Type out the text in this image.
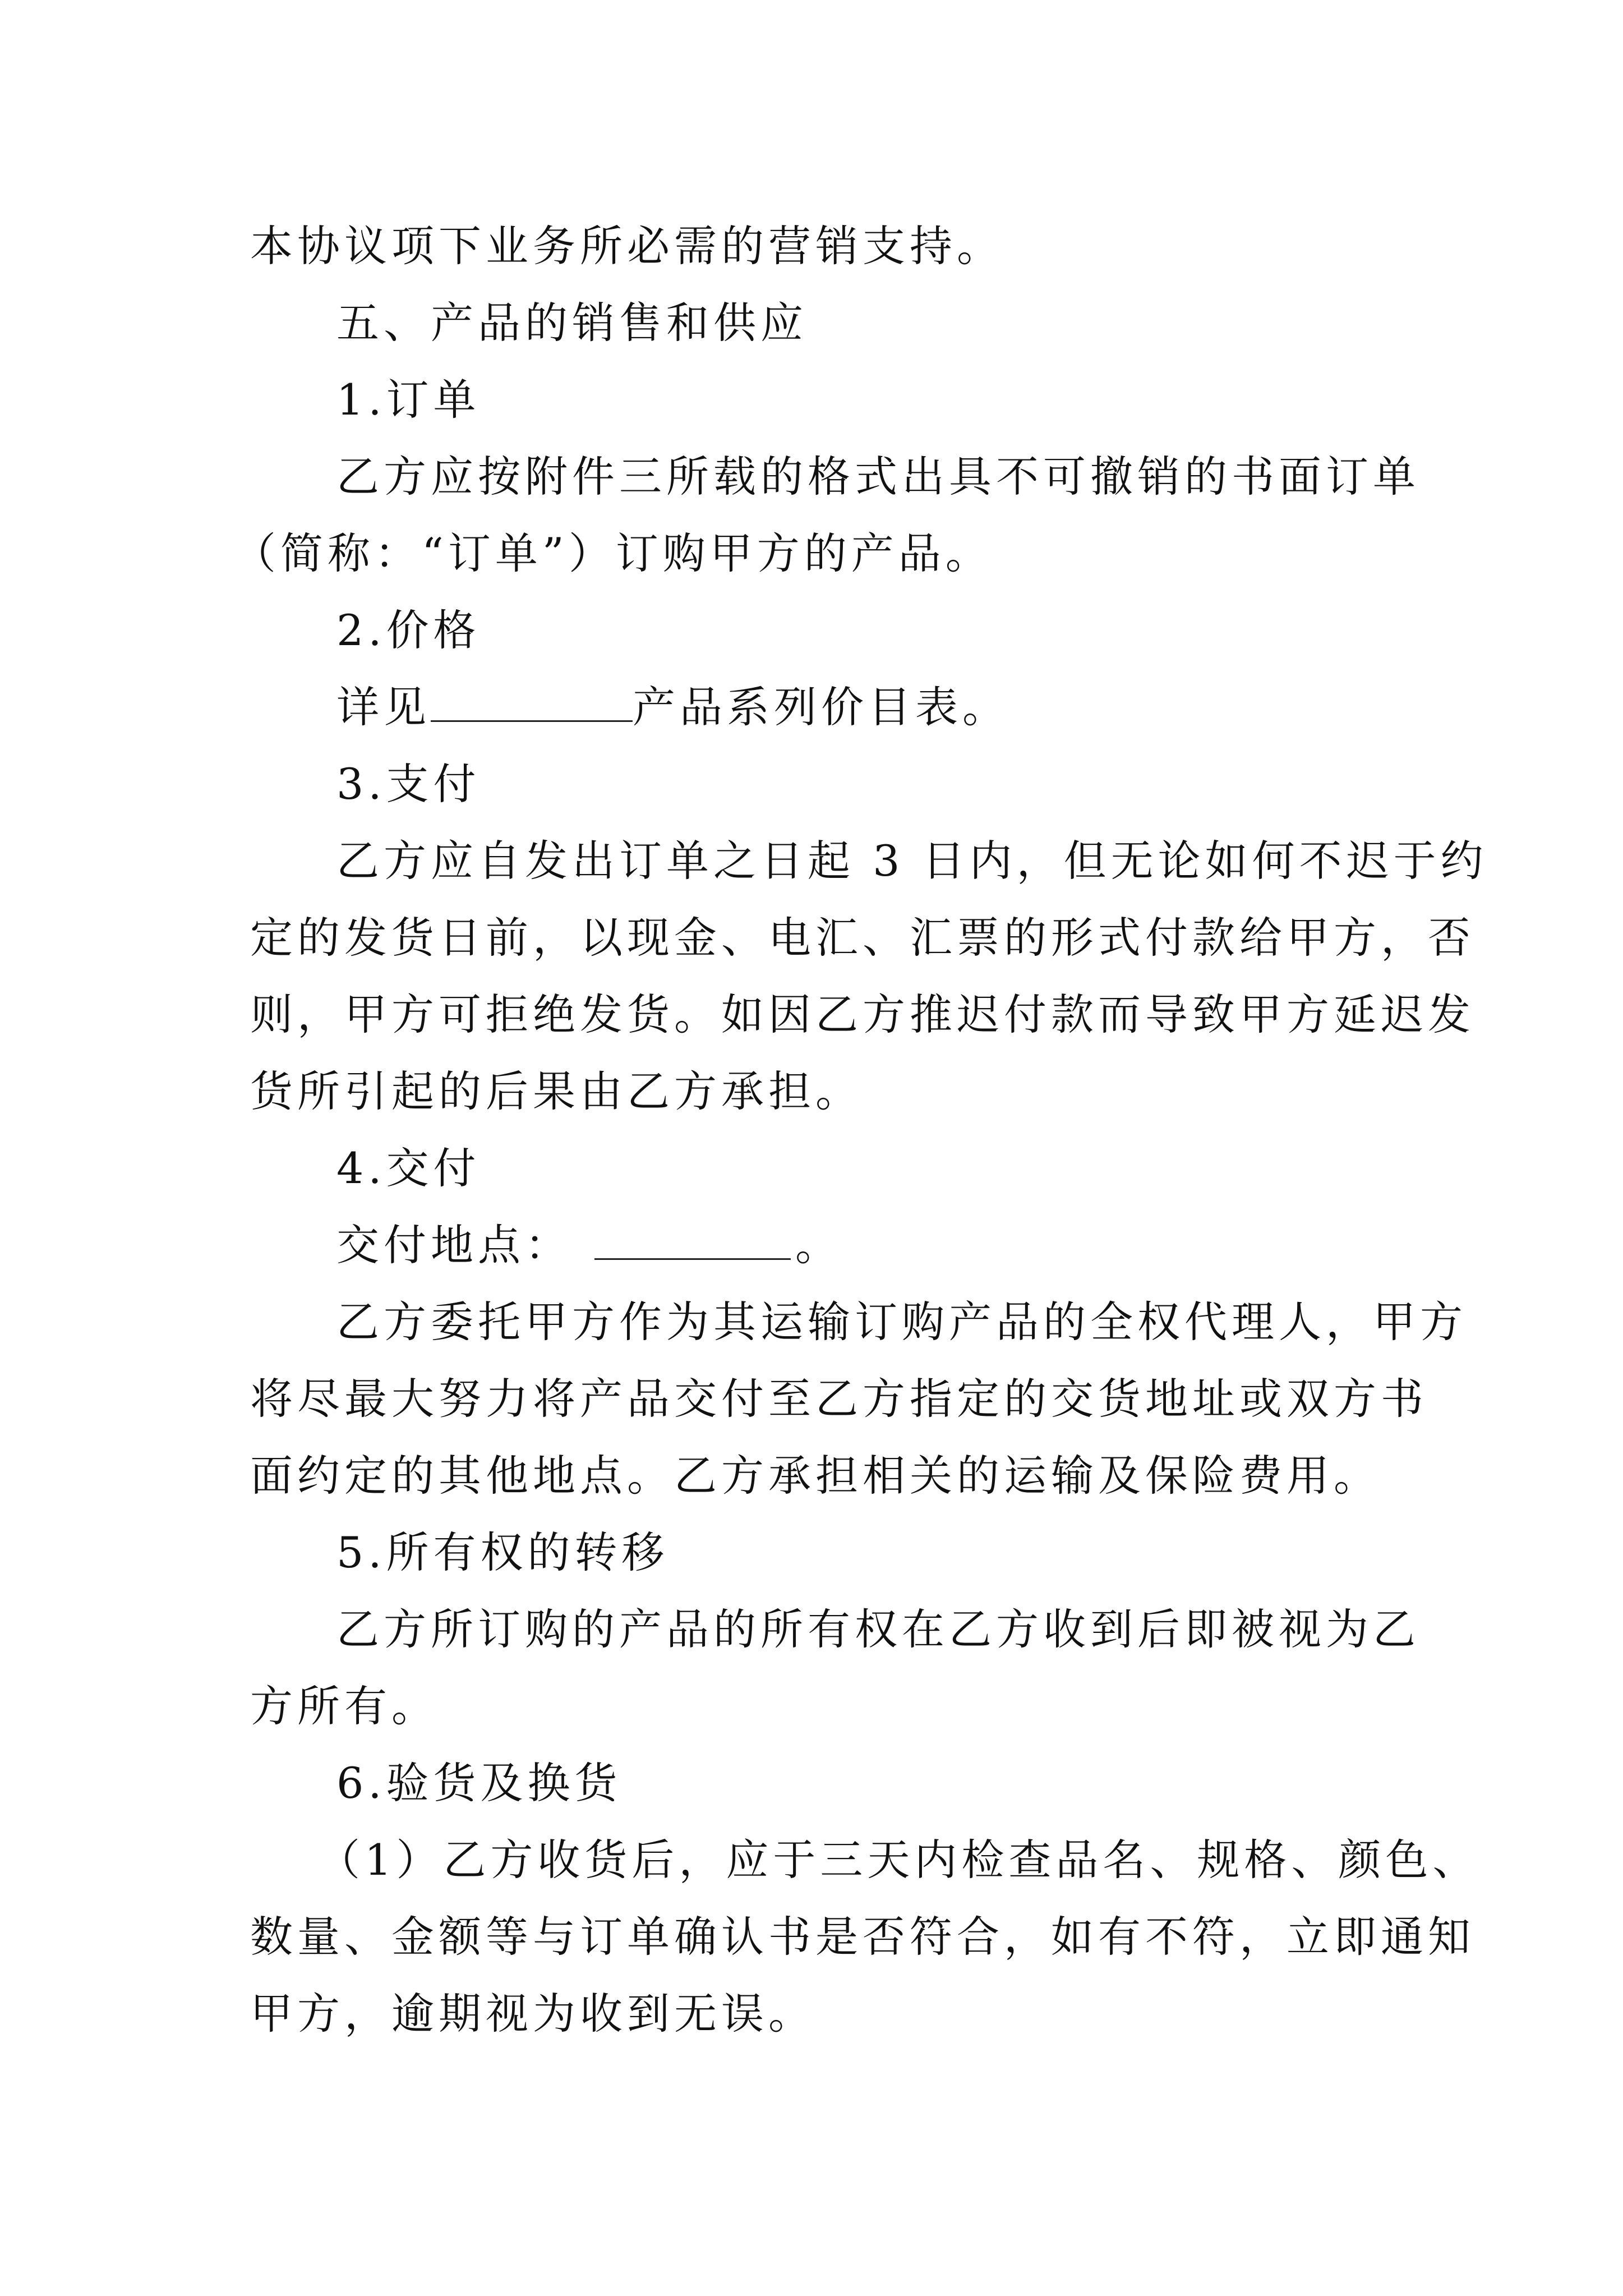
本协议项下业务所必需的营销支持。
五、产品的销售和供应
1.订单
乙方应按附件三所载的格式出具不可撤销的书面订单
（简称：“订单”）订购甲方的产品。
2.价格
详见	产品系列价目表。
3.支付
乙方应自发出订单之日起 3 日内，但无论如何不迟于约
定的发货日前，以现金、电汇、汇票的形式付款给甲方，否
则，甲方可拒绝发货。如因乙方推迟付款而导致甲方延迟发
货所引起的后果由乙方承担。
4.交付
交付地点：	。
乙方委托甲方作为其运输订购产品的全权代理人，甲方
将尽最大努力将产品交付至乙方指定的交货地址或双方书
面约定的其他地点。乙方承担相关的运输及保险费用。
5.所有权的转移
乙方所订购的产品的所有权在乙方收到后即被视为乙
方所有。
6.验货及换货
（1）乙方收货后，应于三天内检查品名、规格、颜色、
数量、金额等与订单确认书是否符合，如有不符，立即通知
甲方，逾期视为收到无误。
